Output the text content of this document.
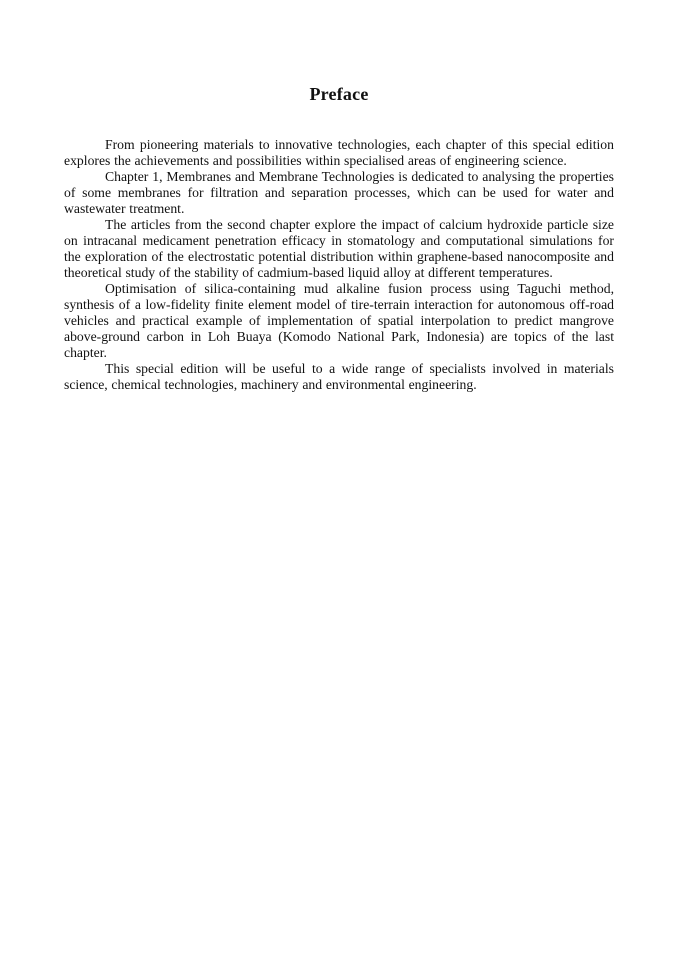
Preface

From pioneering materials to innovative technologies, each chapter of this special edition explores the achievements and possibilities within specialised areas of engineering science.

Chapter 1, Membranes and Membrane Technologies is dedicated to analysing the properties of some membranes for filtration and separation processes, which can be used for water and wastewater treatment.

The articles from the second chapter explore the impact of calcium hydroxide particle size on intracanal medicament penetration efficacy in stomatology and computational simulations for the exploration of the electrostatic potential distribution within graphene-based nanocomposite and theoretical study of the stability of cadmium-based liquid alloy at different temperatures.

Optimisation of silica-containing mud alkaline fusion process using Taguchi method, synthesis of a low-fidelity finite element model of tire-terrain interaction for autonomous off-road vehicles and practical example of implementation of spatial interpolation to predict mangrove above-ground carbon in Loh Buaya (Komodo National Park, Indonesia) are topics of the last chapter.

This special edition will be useful to a wide range of specialists involved in materials science, chemical technologies, machinery and environmental engineering.
